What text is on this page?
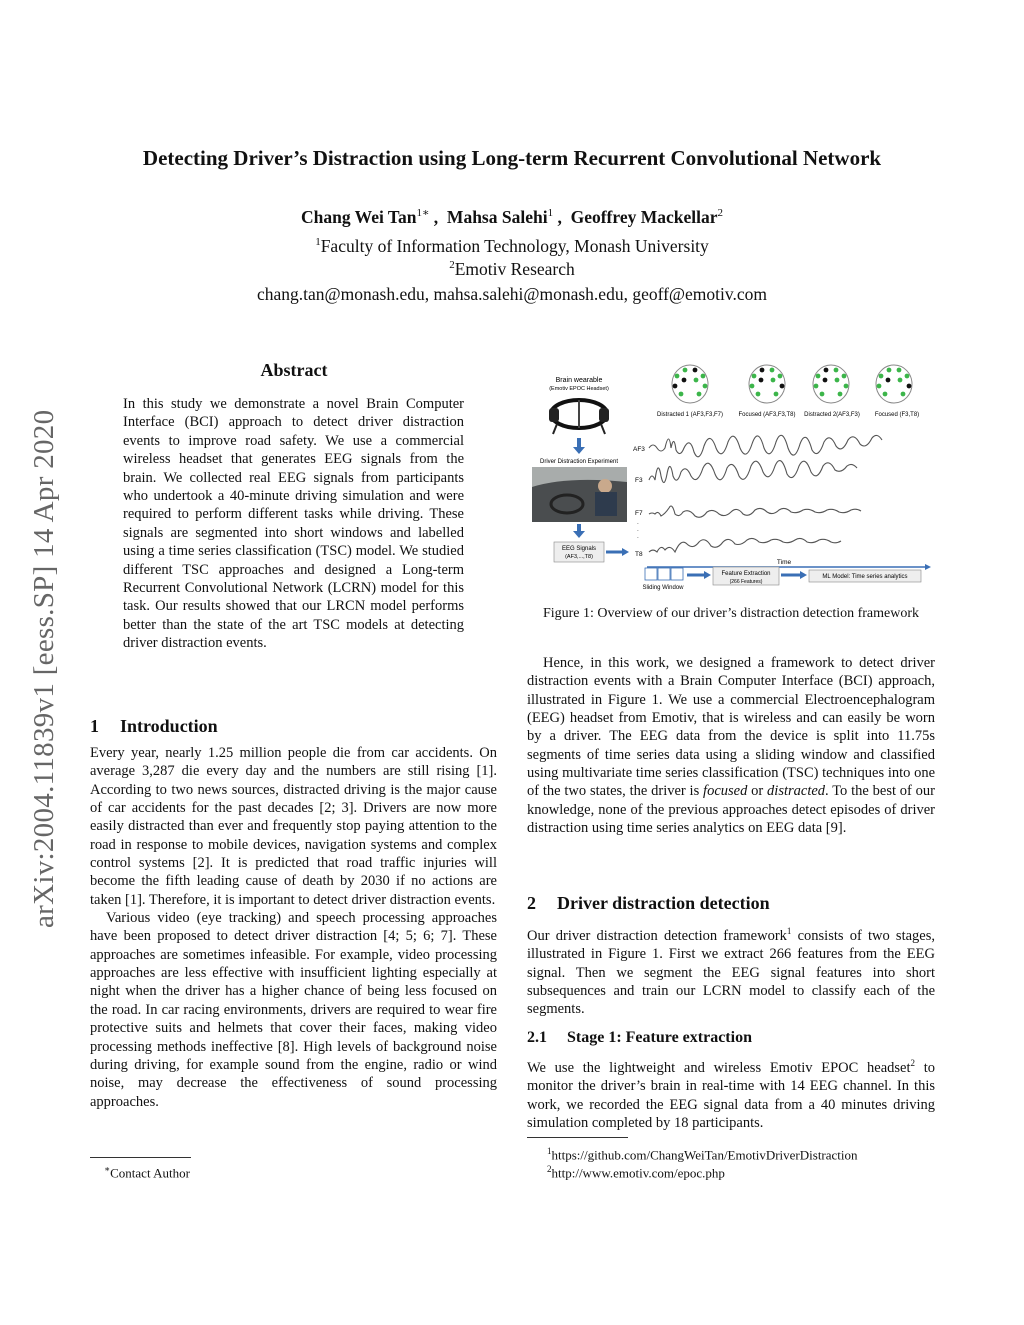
arXiv:2004.11839v1 [eess.SP] 14 Apr 2020
Detecting Driver’s Distraction using Long-term Recurrent Convolutional Network
Chang Wei Tan$^{1∗}$ ,  Mahsa Salehi$^1$ ,  Geoffrey Mackellar$^2$
$^1$Faculty of Information Technology, Monash University
$^2$Emotiv Research
chang.tan@monash.edu, mahsa.salehi@monash.edu, geoff@emotiv.com
Abstract
In this study we demonstrate a novel Brain Computer Interface (BCI) approach to detect driver distraction events to improve road safety. We use a commercial wireless headset that generates EEG signals from the brain. We collected real EEG signals from participants who undertook a 40-minute driving simulation and were required to perform different tasks while driving. These signals are segmented into short windows and labelled using a time series classification (TSC) model. We studied different TSC approaches and designed a Long-term Recurrent Convolutional Network (LCRN) model for this task. Our results showed that our LRCN model performs better than the state of the art TSC models at detecting driver distraction events.
1 Introduction

Every year, nearly 1.25 million people die from car accidents. On average 3,287 die every day and the numbers are still rising [1]. According to two news sources, distracted driving is the major cause of car accidents for the past decades [2; 3]. Drivers are now more easily distracted than ever and frequently stop paying attention to the road in response to mobile devices, navigation systems and complex control systems [2]. It is predicted that road traffic injuries will become the fifth leading cause of death by 2030 if no actions are taken [1]. Therefore, it is important to detect driver distraction events.

Various video (eye tracking) and speech processing approaches have been proposed to detect driver distraction [4; 5; 6; 7]. These approaches are sometimes infeasible. For example, video processing approaches are less effective with insufficient lighting especially at night when the driver has a higher chance of being less focused on the road. In car racing environments, drivers are required to wear fire protective suits and helmets that cover their faces, making video processing methods ineffective [8]. High levels of background noise during driving, for example sound from the engine, radio or wind noise, may decrease the effectiveness of sound processing approaches.

∗Contact Author
Brain wearable
(Emotiv EPOC Headset)
Driver Distraction Experiment
EEG Signals
(AF3,...,T8)
Distracted 1 (AF3,F3,F7)	Focused (AF3,F3,T8) Distracted 2(AF3,F3) Focused (F3,T8)
AF3
F3
F7
.
.
.
T8
Time
Sliding Window
Feature Extraction
(266 Features)
ML Model: Time series analytics
Figure 1: Overview of our driver’s distraction detection framework

Hence, in this work, we designed a framework to detect driver distraction events with a Brain Computer Interface (BCI) approach, illustrated in Figure 1. We use a commercial Electroencephalogram (EEG) headset from Emotiv, that is wireless and can easily be worn by a driver. The EEG data from the device is split into 11.75s segments of time series data using a sliding window and classified using multivariate time series classification (TSC) techniques into one of the two states, the driver is focused or distracted. To the best of our knowledge, none of the previous approaches detect episodes of driver distraction using time series analytics on EEG data [9].

2 Driver distraction detection

Our driver distraction detection framework$^1$ consists of two stages, illustrated in Figure 1. First we extract 266 features from the EEG signal. Then we segment the EEG signal features into short subsequences and train our LCRN model to classify each of the segments.

2.1 Stage 1: Feature extraction

We use the lightweight and wireless Emotiv EPOC headset$^2$ to monitor the driver’s brain in real-time with 14 EEG channel. In this work, we recorded the EEG signal data from a 40 minutes driving simulation completed by 18 participants.

$^1$https://github.com/ChangWeiTan/EmotivDriverDistraction
$^2$http://www.emotiv.com/epoc.php
